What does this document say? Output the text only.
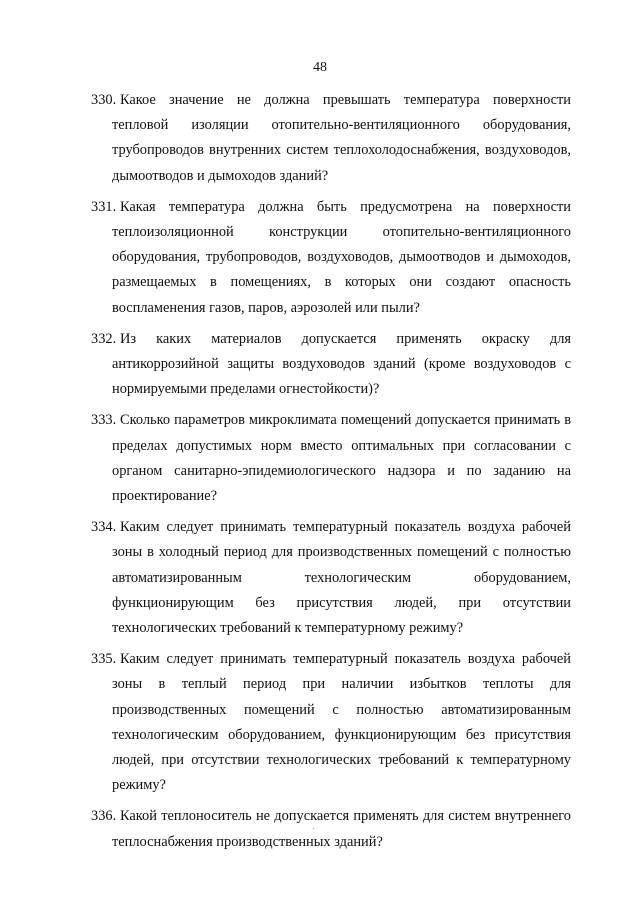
48
330. Какое значение не должна превышать температура поверхности тепловой изоляции отопительно-вентиляционного оборудования, трубопроводов внутренних систем теплохолодоснабжения, воздуховодов, дымоотводов и дымоходов зданий?
331. Какая температура должна быть предусмотрена на поверхности теплоизоляционной конструкции отопительно-вентиляционного оборудования, трубопроводов, воздуховодов, дымоотводов и дымоходов, размещаемых в помещениях, в которых они создают опасность воспламенения газов, паров, аэрозолей или пыли?
332. Из каких материалов допускается применять окраску для антикоррозийной защиты воздуховодов зданий (кроме воздуховодов с нормируемыми пределами огнестойкости)?
333. Сколько параметров микроклимата помещений допускается принимать в пределах допустимых норм вместо оптимальных при согласовании с органом санитарно-эпидемиологического надзора и по заданию на проектирование?
334. Каким следует принимать температурный показатель воздуха рабочей зоны в холодный период для производственных помещений с полностью автоматизированным технологическим оборудованием, функционирующим без присутствия людей, при отсутствии технологических требований к температурному режиму?
335. Каким следует принимать температурный показатель воздуха рабочей зоны в теплый период при наличии избытков теплоты для производственных помещений с полностью автоматизированным технологическим оборудованием, функционирующим без присутствия людей, при отсутствии технологических требований к температурному режиму?
336. Какой теплоноситель не допускается применять для систем внутреннего теплоснабжения производственных зданий?
